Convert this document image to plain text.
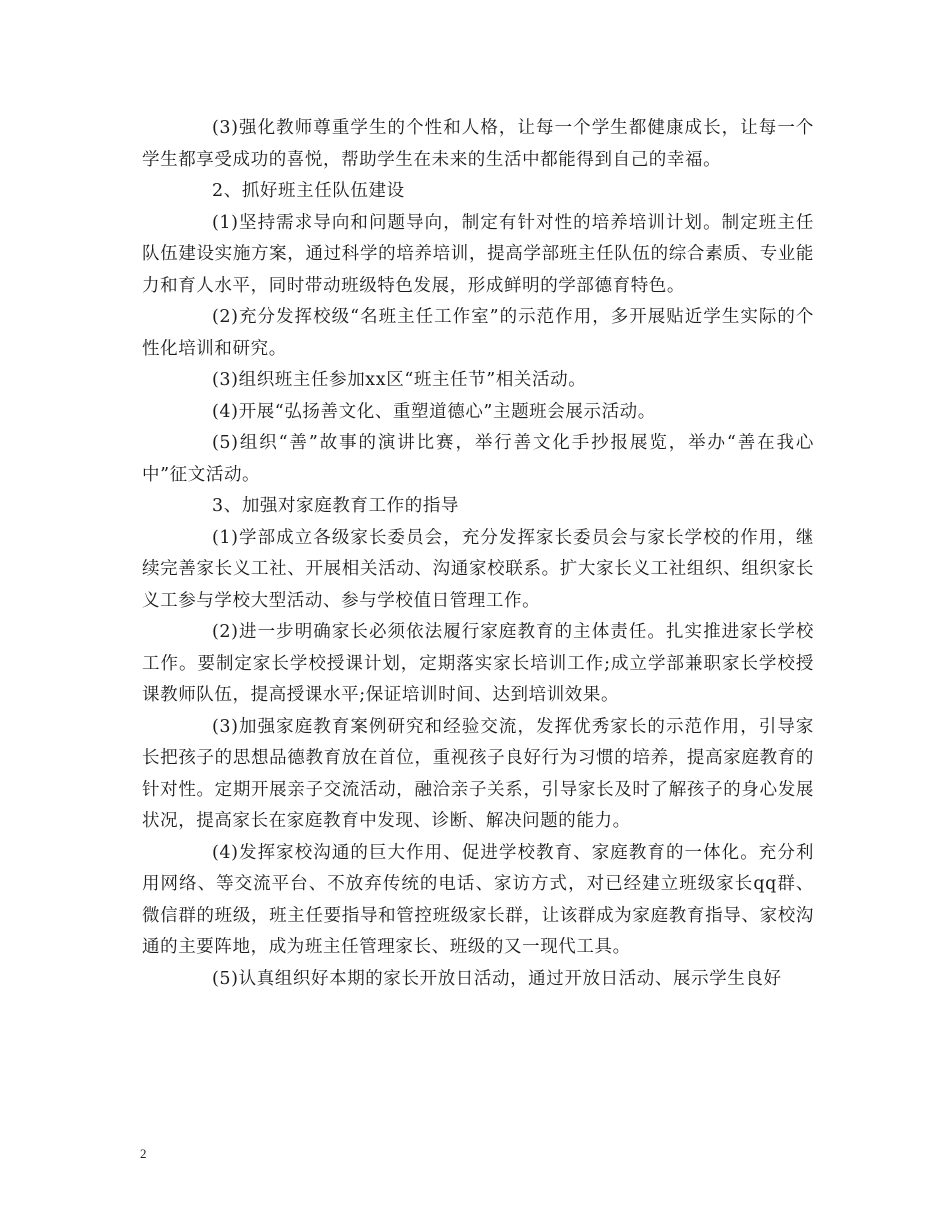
(3)强化教师尊重学生的个性和人格，让每一个学生都健康成长，让每一个学生都享受成功的喜悦，帮助学生在未来的生活中都能得到自己的幸福。

2、抓好班主任队伍建设

(1)坚持需求导向和问题导向，制定有针对性的培养培训计划。制定班主任队伍建设实施方案，通过科学的培养培训，提高学部班主任队伍的综合素质、专业能力和育人水平，同时带动班级特色发展，形成鲜明的学部德育特色。

(2)充分发挥校级“名班主任工作室”的示范作用，多开展贴近学生实际的个性化培训和研究。

(3)组织班主任参加xx区“班主任节”相关活动。

(4)开展“弘扬善文化、重塑道德心”主题班会展示活动。

(5)组织“善”故事的演讲比赛，举行善文化手抄报展览，举办“善在我心中”征文活动。

3、加强对家庭教育工作的指导

(1)学部成立各级家长委员会，充分发挥家长委员会与家长学校的作用，继续完善家长义工社、开展相关活动、沟通家校联系。扩大家长义工社组织、组织家长义工参与学校大型活动、参与学校值日管理工作。

(2)进一步明确家长必须依法履行家庭教育的主体责任。扎实推进家长学校工作。要制定家长学校授课计划，定期落实家长培训工作;成立学部兼职家长学校授课教师队伍，提高授课水平;保证培训时间、达到培训效果。

(3)加强家庭教育案例研究和经验交流，发挥优秀家长的示范作用，引导家长把孩子的思想品德教育放在首位，重视孩子良好行为习惯的培养，提高家庭教育的针对性。定期开展亲子交流活动，融洽亲子关系，引导家长及时了解孩子的身心发展状况，提高家长在家庭教育中发现、诊断、解决问题的能力。

(4)发挥家校沟通的巨大作用、促进学校教育、家庭教育的一体化。充分利用网络、等交流平台、不放弃传统的电话、家访方式，对已经建立班级家长qq群、微信群的班级，班主任要指导和管控班级家长群，让该群成为家庭教育指导、家校沟通的主要阵地，成为班主任管理家长、班级的又一现代工具。

(5)认真组织好本期的家长开放日活动，通过开放日活动、展示学生良好

2
